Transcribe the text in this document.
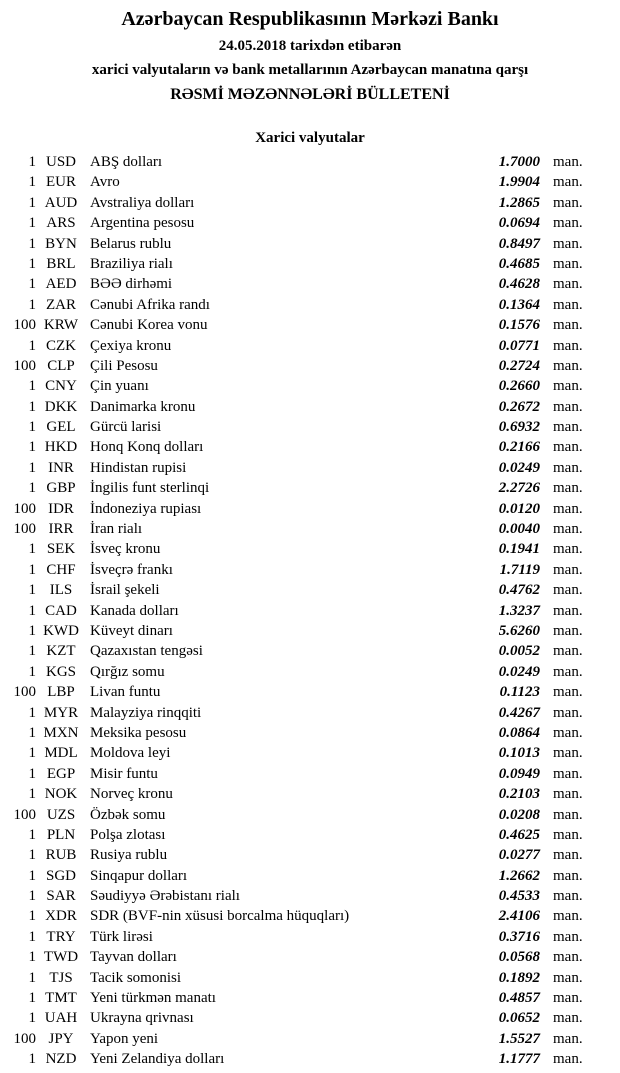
Azərbaycan Respublikasının Mərkəzi Bankı
24.05.2018 tarixdən etibarən
xarici valyutaların və bank metallarının Azərbaycan manatına qarşı
RƏSMİ MƏZƏNNƏLƏRİ BÜLLETENİ
Xarici valyutalar
1 USD ABŞ dolları	1.7000 man.
1 EUR Avro	1.9904 man.
1 AUD Avstraliya dolları	1.2865 man.
1 ARS Argentina pesosu	0.0694 man.
1 BYN Belarus rublu	0.8497 man.
1 BRL Braziliya rialı	0.4685 man.
1 AED BƏƏ dirhəmi	0.4628 man.
1 ZAR Cənubi Afrika randı	0.1364 man.
100 KRW Cənubi Korea vonu	0.1576 man.
1 CZK Çexiya kronu	0.0771 man.
100 CLP	Çili Pesosu	0.2724 man.
1 CNY Çin yuanı	0.2660 man.
1 DKK Danimarka kronu	0.2672 man.
1 GEL Gürcü larisi	0.6932 man.
1 HKD Honq Konq dolları	0.2166 man.
1 INR	Hindistan rupisi	0.0249 man.
1 GBP İngilis funt sterlinqi	2.2726 man.
100 IDR	İndoneziya rupiası	0.0120 man.
100 IRR	İran rialı	0.0040 man.
1 SEK İsveç kronu	0.1941 man.
1 CHF İsveçrə frankı	1.7119 man.
1 ILS	İsrail şekeli	0.4762 man.
1 CAD Kanada dolları	1.3237 man.
1 KWD Küveyt dinarı	5.6260 man.
1 KZT Qazaxıstan tengəsi	0.0052 man.
1 KGS Qırğız somu	0.0249 man.
100 LBP	Livan funtu	0.1123 man.
1 MYR Malayziya rinqqiti	0.4267 man.
1 MXN Meksika pesosu	0.0864 man.
1 MDL Moldova leyi	0.1013 man.
1 EGP Misir funtu	0.0949 man.
1 NOK Norveç kronu	0.2103 man.
100 UZS Özbək somu	0.0208 man.
1 PLN Polşa zlotası	0.4625 man.
1 RUB Rusiya rublu	0.0277 man.
1 SGD Sinqapur dolları	1.2662 man.
1 SAR Səudiyyə Ərəbistanı rialı	0.4533 man.
1 XDR SDR (BVF-nin xüsusi borcalma hüquqları)	2.4106 man.
1 TRY Türk lirəsi	0.3716 man.
1 TWD Tayvan dolları	0.0568 man.
1 TJS	Tacik somonisi	0.1892 man.
1 TMT Yeni türkmən manatı	0.4857 man.
1 UAH Ukrayna qrivnası	0.0652 man.
100 JPY	Yapon yeni	1.5527 man.
1 NZD Yeni Zelandiya dolları	1.1777 man.
